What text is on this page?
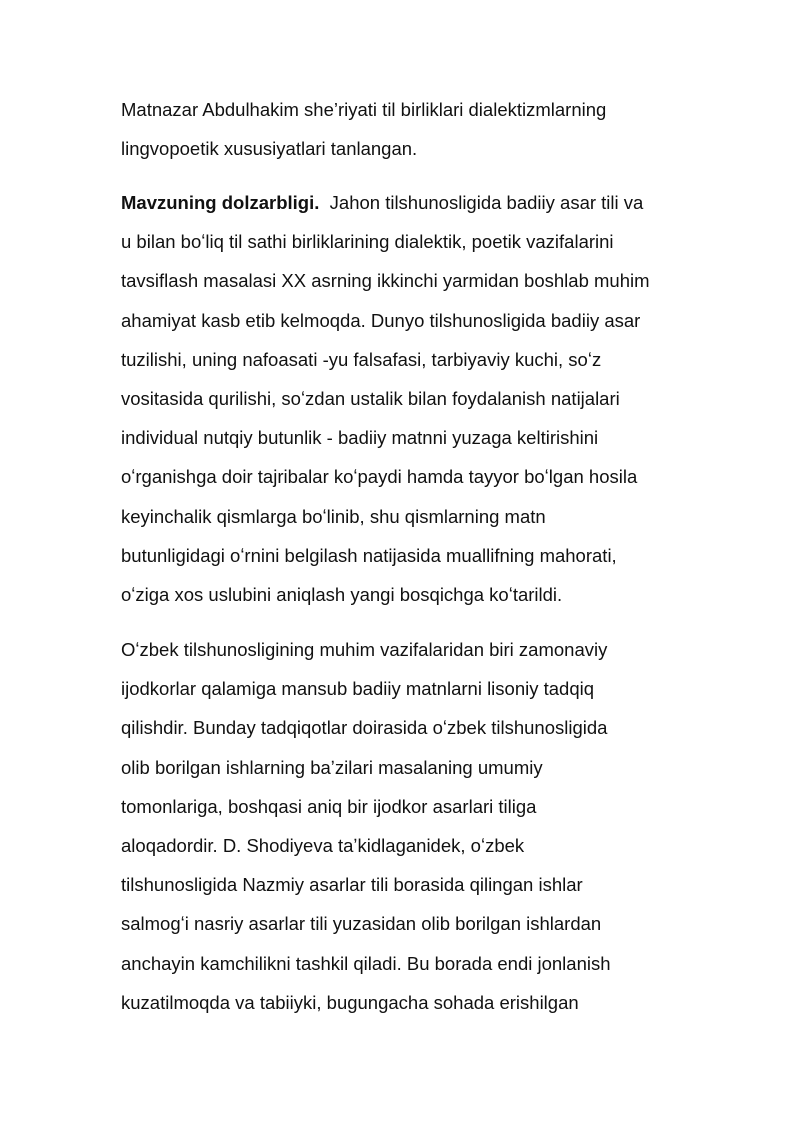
Matnazar Abdulhakim she’riyati til birliklari dialektizmlarning
lingvopoetik xususiyatlari tanlangan.
Mavzuning dolzarbligi. Jahon tilshunosligida badiiy asar tili va
u bilan boʻliq til sathi birliklarining dialektik, poetik vazifalarini
tavsiflash masalasi XX asrning ikkinchi yarmidan boshlab muhim
ahamiyat kasb etib kelmoqda. Dunyo tilshunosligida badiiy asar
tuzilishi, uning nafoasati -yu falsafasi, tarbiyaviy kuchi, soʻz
vositasida qurilishi, soʻzdan ustalik bilan foydalanish natijalari
individual nutqiy butunlik - badiiy matnni yuzaga keltirishini
oʻrganishga doir tajribalar koʻpaydi hamda tayyor boʻlgan hosila
keyinchalik qismlarga boʻlinib, shu qismlarning matn
butunligidagi oʻrnini belgilash natijasida muallifning mahorati,
oʻziga xos uslubini aniqlash yangi bosqichga koʻtarildi.
Oʻzbek tilshunosligining muhim vazifalaridan biri zamonaviy
ijodkorlar qalamiga mansub badiiy matnlarni lisoniy tadqiq
qilishdir. Bunday tadqiqotlar doirasida oʻzbek tilshunosligida
olib borilgan ishlarning baʼzilari masalaning umumiy
tomonlariga, boshqasi aniq bir ijodkor asarlari tiliga
aloqadordir. D. Shodiyeva taʼkidlaganidek, oʻzbek
tilshunosligida Nazmiy asarlar tili borasida qilingan ishlar
salmogʻi nasriy asarlar tili yuzasidan olib borilgan ishlardan
anchayin kamchilikni tashkil qiladi. Bu borada endi jonlanish
kuzatilmoqda va tabiiyki, bugungacha sohada erishilgan
